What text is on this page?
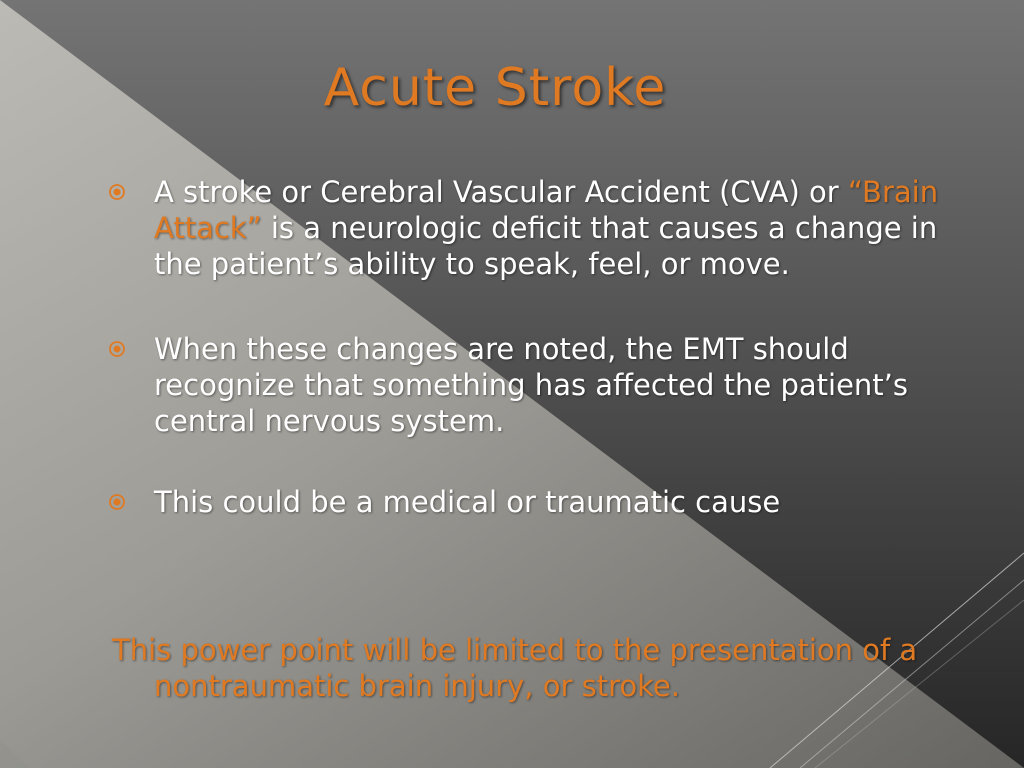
Acute Stroke
A stroke or Cerebral Vascular Accident (CVA) or “Brain Attack” is a neurologic deficit that causes a change in the patient’s ability to speak, feel, or move.
When these changes are noted, the EMT should recognize that something has affected the patient’s central nervous system.
This could be a medical or traumatic cause

This power point will be limited to the presentation of a nontraumatic brain injury, or stroke.
